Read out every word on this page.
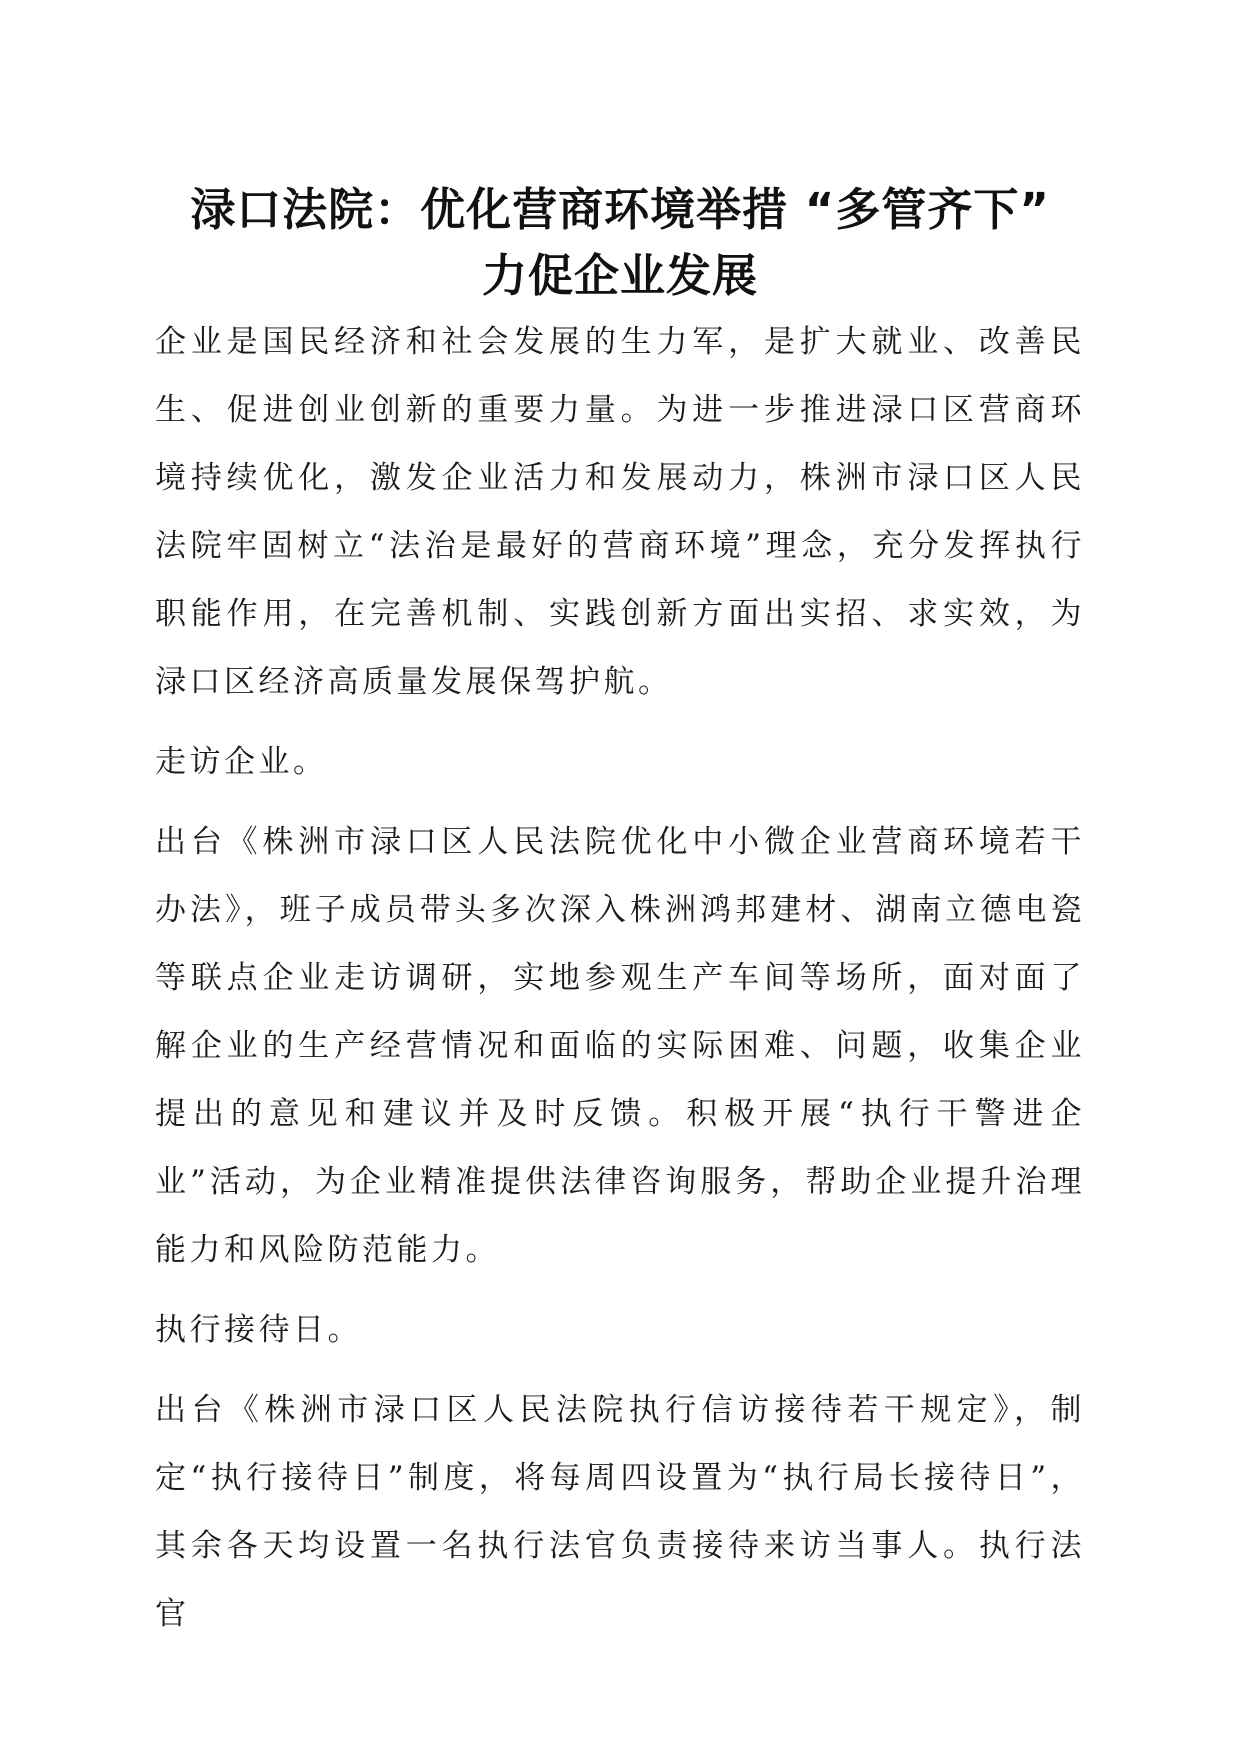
渌口法院：优化营商环境举措 “多管齐下”
力促企业发展

企业是国民经济和社会发展的生力军，是扩大就业、改善民生、促进创业创新的重要力量。为进一步推进渌口区营商环境持续优化，激发企业活力和发展动力，株洲市渌口区人民法院牢固树立“法治是最好的营商环境”理念，充分发挥执行职能作用，在完善机制、实践创新方面出实招、求实效，为渌口区经济高质量发展保驾护航。

走访企业。

出台《株洲市渌口区人民法院优化中小微企业营商环境若干办法》，班子成员带头多次深入株洲鸿邦建材、湖南立德电瓷等联点企业走访调研，实地参观生产车间等场所，面对面了解企业的生产经营情况和面临的实际困难、问题，收集企业提出的意见和建议并及时反馈。积极开展“执行干警进企业”活动，为企业精准提供法律咨询服务，帮助企业提升治理能力和风险防范能力。

执行接待日。

出台《株洲市渌口区人民法院执行信访接待若干规定》，制定“执行接待日”制度，将每周四设置为“执行局长接待日”，其余各天均设置一名执行法官负责接待来访当事人。执行法官
